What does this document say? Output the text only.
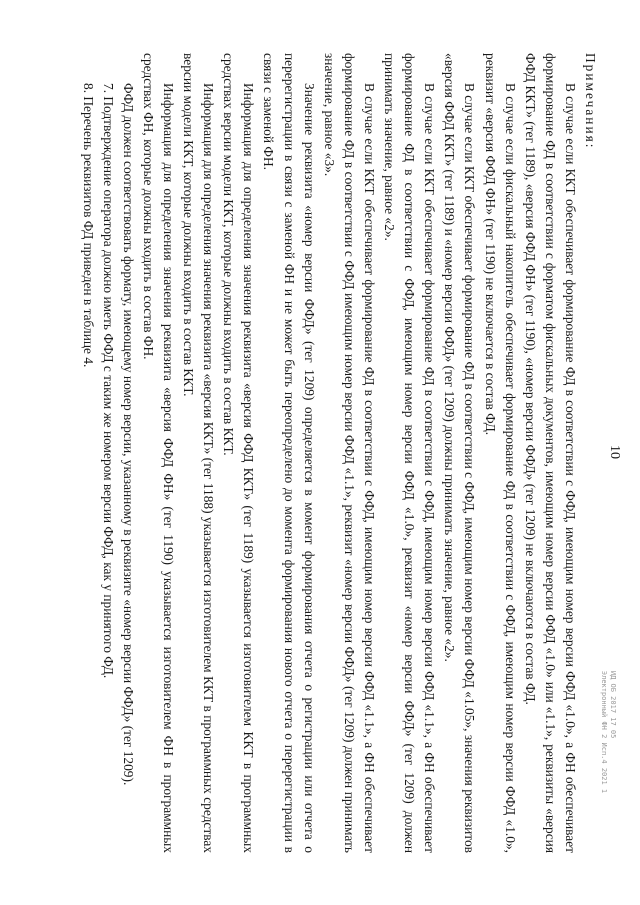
10
Примечания:

В случае если ККТ обеспечивает формирование ФД в соответствии с ФФД, имеющим номер версии ФФД «1.0», а ФН обеспечивает формирование ФД в соответствии с форматом фискальных документов, имеющим номер версии ФФД «1.0» или «1.1», реквизиты «версия ФФД ККТ» (тег 1189), «версия ФФД ФН» (тег 1190), «номер версии ФФД» (тег 1209) не включаются в состав ФД.

В случае если фискальный накопитель обеспечивает формирование ФД в соответствии с ФФД, имеющим номер версии ФФД «1.0», реквизит «версия ФФД ФН» (тег 1190) не включается в состав ФД.

В случае если ККТ обеспечивает формирование ФД в соответствии с ФФД, имеющим номер версии ФФД «1.05», значения реквизитов «версия ФФД ККТ» (тег 1189) и «номер версии ФФД» (тег 1209) должны принимать значение, равное «2».

В случае если ККТ обеспечивает формирование ФД в соответствии с ФФД, имеющим номер версии ФФД «1.1», а ФН обеспечивает формирование ФД в соответствии с ФФД, имеющим номер версии ФФД «1.0», реквизит «номер версии ФФД» (тег 1209) должен принимать значение, равное «2».

В случае если ККТ обеспечивает формирование ФД в соответствии с ФФД, имеющим номер версии ФФД «1.1», а ФН обеспечивает формирование ФД в соответствии с ФФД имеющим номер версии ФФД «1.1», реквизит «номер версии ФФД» (тег 1209) должен принимать значение, равное «3».

Значение реквизита «номер версии ФФД» (тег 1209) определяется в момент формирования отчета о регистрации или отчета о перерегистрации в связи с заменой ФН и не может быть переопределено до момента формирования нового отчета о перерегистрации в связи с заменой ФН.

Информация для определения значения реквизита «версия ФФД ККТ» (тег 1189) указывается изготовителем ККТ в программных средствах версии модели ККТ, которые должны входить в состав ККТ.

Информация для определения значения реквизита «версия ККТ» (тег 1188) указывается изготовителем ККТ в программных средствах версии модели ККТ, которые должны входить в состав ККТ.

Информация для определения значения реквизита «версия ФФД ФН» (тег 1190) указывается изготовителем ФН в программных средствах ФН, которые должны входить в состав ФН.

ФФД должен соответствовать формату, имеющему номер версии, указанному в реквизите «номер версии ФФД» (тег 1209).

7. Подтверждение оператора должно иметь ФФД с таким же номером версии ФФД, как у принятого ФД.

8. Перечень реквизитов ФД приведен в таблице 4.

ИД ОБ 2017 17 05
Электронный ФН 2 Исп.4 2021 1
